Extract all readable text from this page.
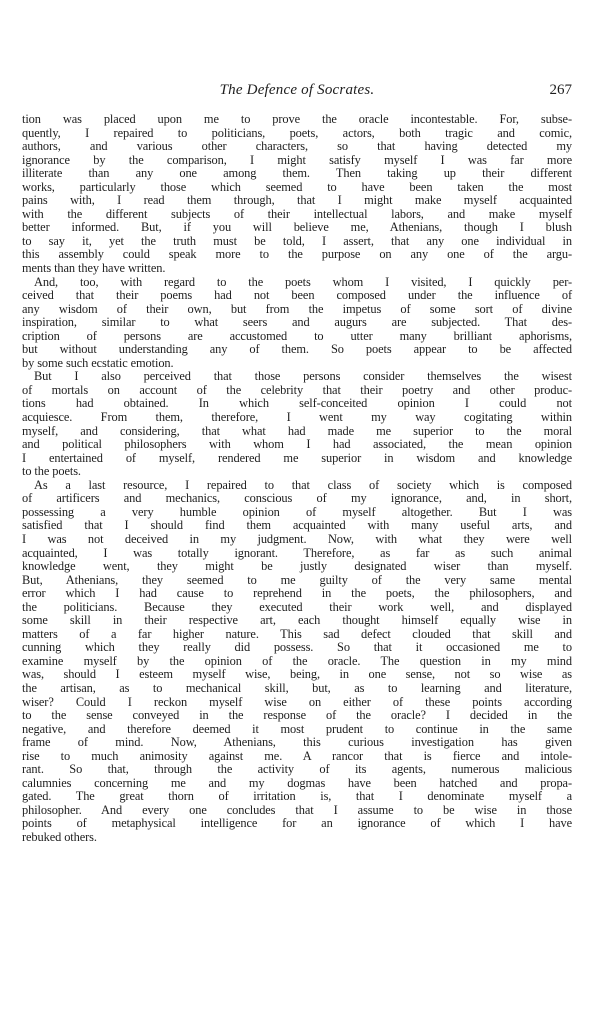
The Defence of Socrates.	267
tion was placed upon me to prove the oracle incontestable. For, subse-
quently, I repaired to politicians, poets, actors, both tragic and comic,
authors, and various other characters, so that having detected my
ignorance by the comparison, I might satisfy myself I was far more
illiterate than any one among them. Then taking up their different
works, particularly those which seemed to have been taken the most
pains with, I read them through, that I might make myself acquainted
with the different subjects of their intellectual labors, and make myself
better informed. But, if you will believe me, Athenians, though I blush
to say it, yet the truth must be told, I assert, that any one individual in
this assembly could speak more to the purpose on any one of the argu-
ments than they have written.
And, too, with regard to the poets whom I visited, I quickly per-
ceived that their poems had not been composed under the influence of
any wisdom of their own, but from the impetus of some sort of divine
inspiration, similar to what seers and augurs are subjected. That des-
cription of persons are accustomed to utter many brilliant aphorisms,
but without understanding any of them. So poets appear to be affected
by some such ecstatic emotion.
But I also perceived that those persons consider themselves the wisest
of mortals on account of the celebrity that their poetry and other produc-
tions had obtained. In which self-conceited opinion I could not
acquiesce. From them, therefore, I went my way cogitating within
myself, and considering, that what had made me superior to the moral
and political philosophers with whom I had associated, the mean opinion
I entertained of myself, rendered me superior in wisdom and knowledge
to the poets.
As a last resource, I repaired to that class of society which is composed
of artificers and mechanics, conscious of my ignorance, and, in short,
possessing a very humble opinion of myself altogether. But I was
satisfied that I should find them acquainted with many useful arts, and
I was not deceived in my judgment. Now, with what they were well
acquainted, I was totally ignorant. Therefore, as far as such animal
knowledge went, they might be justly designated wiser than myself.
But, Athenians, they seemed to me guilty of the very same mental
error which I had cause to reprehend in the poets, the philosophers, and
the politicians. Because they executed their work well, and displayed
some skill in their respective art, each thought himself equally wise in
matters of a far higher nature. This sad defect clouded that skill and
cunning which they really did possess. So that it occasioned me to
examine myself by the opinion of the oracle. The question in my mind
was, should I esteem myself wise, being, in one sense, not so wise as
the artisan, as to mechanical skill, but, as to learning and literature,
wiser? Could I reckon myself wise on either of these points according
to the sense conveyed in the response of the oracle? I decided in the
negative, and therefore deemed it most prudent to continue in the same
frame of mind. Now, Athenians, this curious investigation has given
rise to much animosity against me. A rancor that is fierce and intole-
rant. So that, through the activity of its agents, numerous malicious
calumnies concerning me and my dogmas have been hatched and propa-
gated. The great thorn of irritation is, that I denominate myself a
philosopher. And every one concludes that I assume to be wise in those
points of metaphysical intelligence for an ignorance of which I have
rebuked others.
